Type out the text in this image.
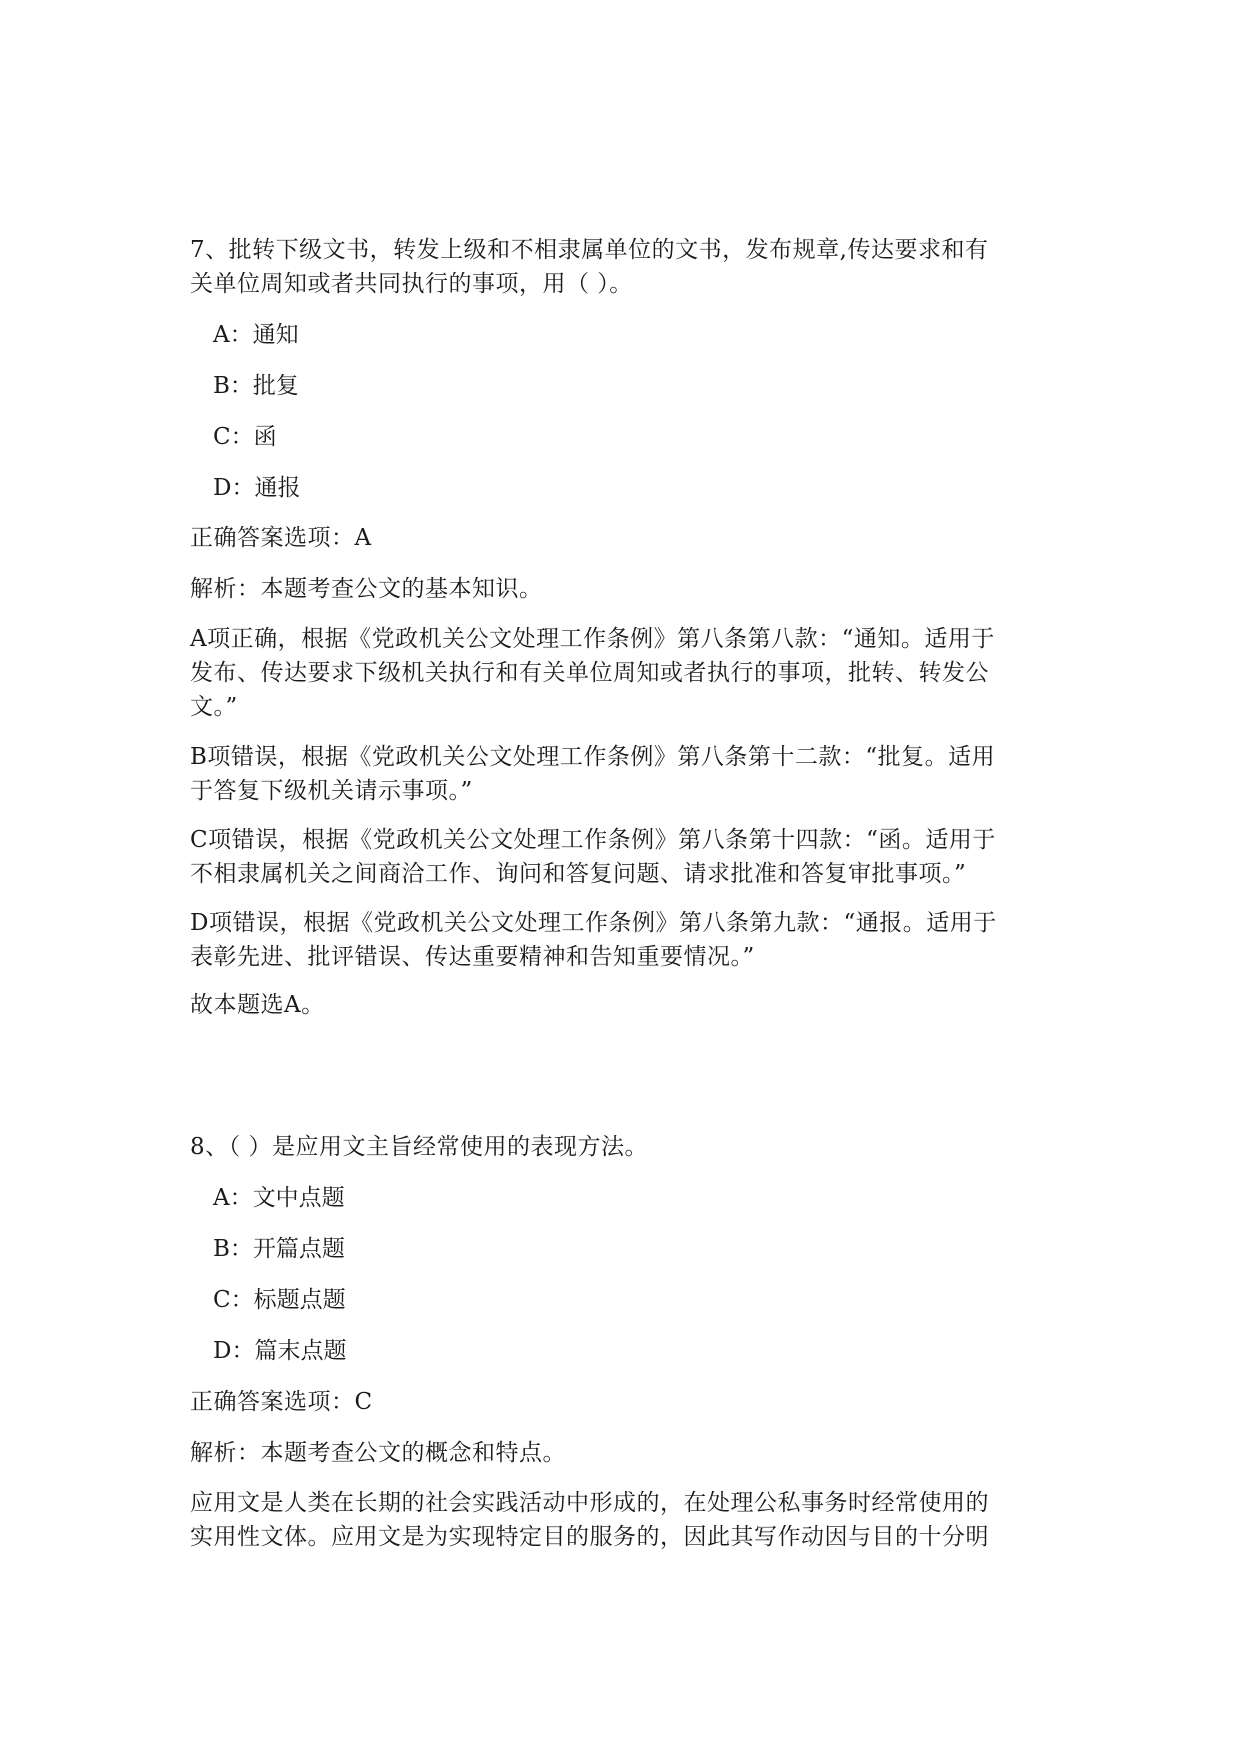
7、批转下级文书，转发上级和不相隶属单位的文书，发布规章,传达要求和有
关单位周知或者共同执行的事项，用（ ）。
A：通知
B：批复
C：函
D：通报
正确答案选项：A
解析：本题考查公文的基本知识。
A项正确，根据《党政机关公文处理工作条例》第八条第八款：“通知。适用于
发布、传达要求下级机关执行和有关单位周知或者执行的事项，批转、转发公
文。”
B项错误，根据《党政机关公文处理工作条例》第八条第十二款：“批复。适用
于答复下级机关请示事项。”
C项错误，根据《党政机关公文处理工作条例》第八条第十四款：“函。适用于
不相隶属机关之间商洽工作、询问和答复问题、请求批准和答复审批事项。”
D项错误，根据《党政机关公文处理工作条例》第八条第九款：“通报。适用于
表彰先进、批评错误、传达重要精神和告知重要情况。”
故本题选A。
8、（ ）是应用文主旨经常使用的表现方法。
A：文中点题
B：开篇点题
C：标题点题
D：篇末点题
正确答案选项：C
解析：本题考查公文的概念和特点。
应用文是人类在长期的社会实践活动中形成的，在处理公私事务时经常使用的
实用性文体。应用文是为实现特定目的服务的，因此其写作动因与目的十分明
